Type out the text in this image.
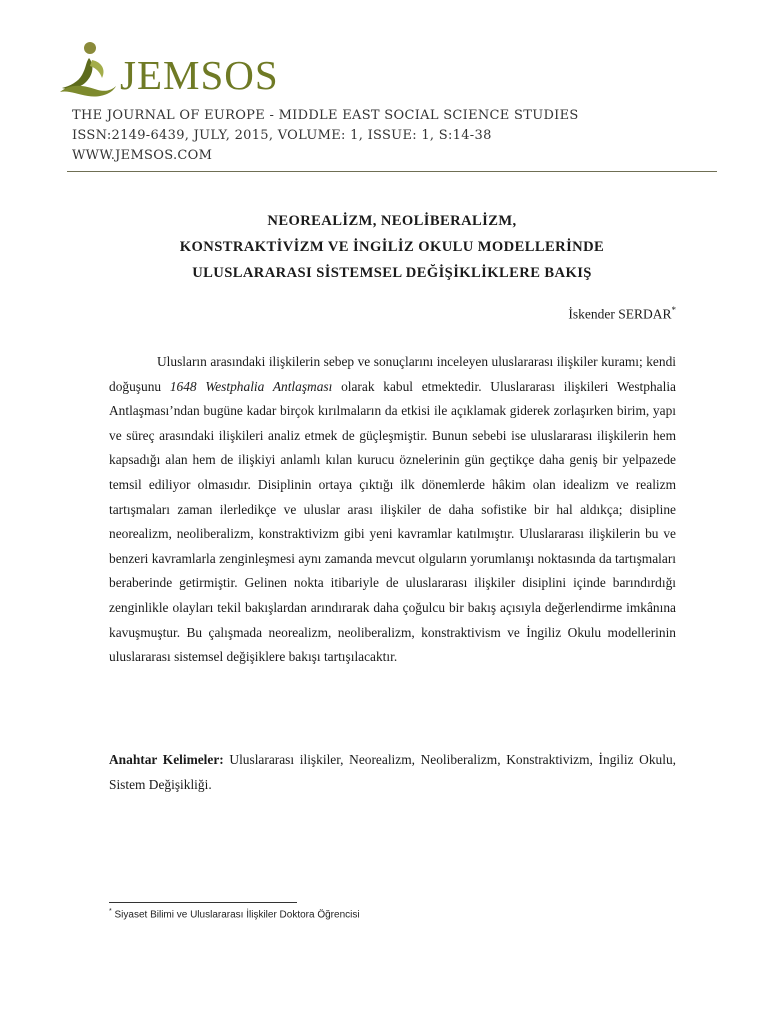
JEMSOS
THE JOURNAL OF EUROPE - MIDDLE EAST SOCIAL SCIENCE STUDIES
ISSN:2149-6439, JULY, 2015, VOLUME: 1, ISSUE: 1, S:14-38
WWW.JEMSOS.COM
NEOREALİZM, NEOLİBERALİZM,
KONSTRAKTİVİZM VE İNGİLİZ OKULU MODELLERİNDE
ULUSLARARASI SİSTEMSEL DEĞİŞİKLİKLERE BAKIŞ
İskender SERDAR*

Ulusların arasındaki ilişkilerin sebep ve sonuçlarını inceleyen uluslararası ilişkiler kuramı; kendi doğuşunu 1648 Westphalia Antlaşması olarak kabul etmektedir. Uluslararası ilişkileri Westphalia Antlaşması’ndan bugüne kadar birçok kırılmaların da etkisi ile açıklamak giderek zorlaşırken birim, yapı ve süreç arasındaki ilişkileri analiz etmek de güçleşmiştir. Bunun sebebi ise uluslararası ilişkilerin hem kapsadığı alan hem de ilişkiyi anlamlı kılan kurucu öznelerinin gün geçtikçe daha geniş bir yelpazede temsil ediliyor olmasıdır. Disiplinin ortaya çıktığı ilk dönemlerde hâkim olan idealizm ve realizm tartışmaları zaman ilerledikçe ve uluslar arası ilişkiler de daha sofistike bir hal aldıkça; disipline neorealizm, neoliberalizm, konstraktivizm gibi yeni kavramlar katılmıştır. Uluslararası ilişkilerin bu ve benzeri kavramlarla zenginleşmesi aynı zamanda mevcut olguların yorumlanışı noktasında da tartışmaları beraberinde getirmiştir. Gelinen nokta itibariyle de uluslararası ilişkiler disiplini içinde barındırdığı zenginlikle olayları tekil bakışlardan arındırarak daha çoğulcu bir bakış açısıyla değerlendirme imkânına kavuşmuştur. Bu çalışmada neorealizm, neoliberalizm, konstraktivism ve İngiliz Okulu modellerinin uluslararası sistemsel değişiklere bakışı tartışılacaktır.

Anahtar Kelimeler: Uluslararası ilişkiler, Neorealizm, Neoliberalizm, Konstraktivizm, İngiliz Okulu, Sistem Değişikliği.

* Siyaset Bilimi ve Uluslararası İlişkiler Doktora Öğrencisi
